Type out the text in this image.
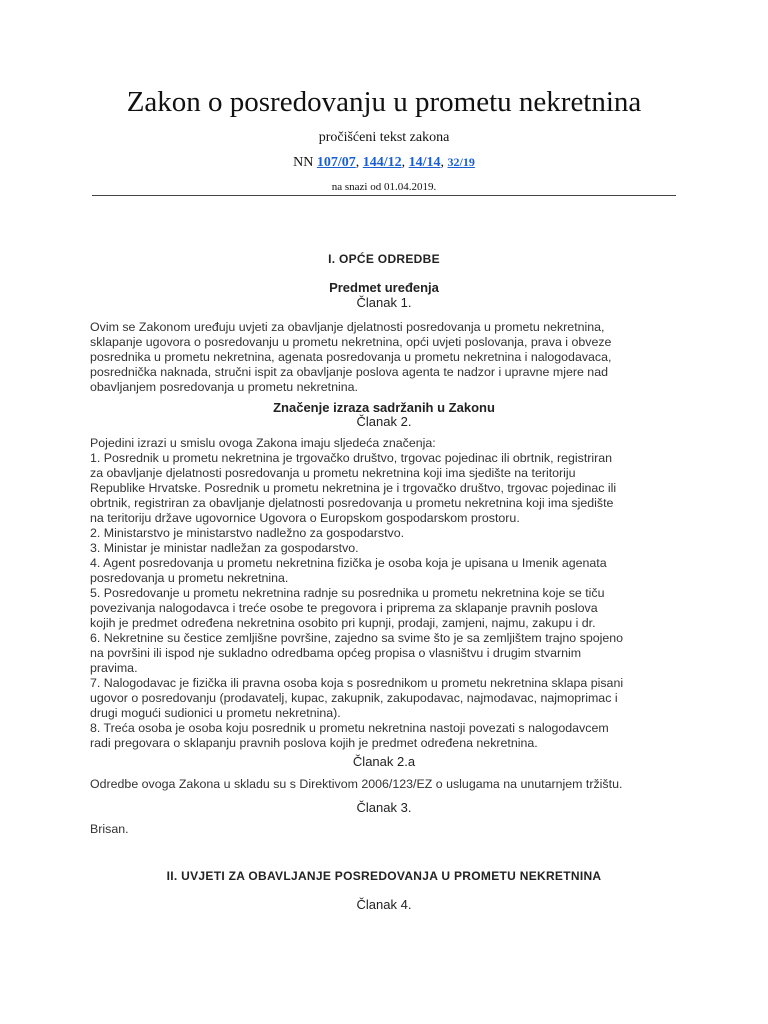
Zakon o posredovanju u prometu nekretnina
pročišćeni tekst zakona
NN 107/07, 144/12, 14/14, 32/19
na snazi od 01.04.2019.
I. OPĆE ODREDBE
Predmet uređenja
Članak 1.
Ovim se Zakonom uređuju uvjeti za obavljanje djelatnosti posredovanja u prometu nekretnina,
sklapanje ugovora o posredovanju u prometu nekretnina, opći uvjeti poslovanja, prava i obveze
posrednika u prometu nekretnina, agenata posredovanja u prometu nekretnina i nalogodavaca,
posrednička naknada, stručni ispit za obavljanje poslova agenta te nadzor i upravne mjere nad
obavljanjem posredovanja u prometu nekretnina.
Značenje izraza sadržanih u Zakonu
Članak 2.
Pojedini izrazi u smislu ovoga Zakona imaju sljedeća značenja:
1. Posrednik u prometu nekretnina je trgovačko društvo, trgovac pojedinac ili obrtnik, registriran
za obavljanje djelatnosti posredovanja u prometu nekretnina koji ima sjedište na teritoriju
Republike Hrvatske. Posrednik u prometu nekretnina je i trgovačko društvo, trgovac pojedinac ili
obrtnik, registriran za obavljanje djelatnosti posredovanja u prometu nekretnina koji ima sjedište
na teritoriju države ugovornice Ugovora o Europskom gospodarskom prostoru.
2. Ministarstvo je ministarstvo nadležno za gospodarstvo.
3. Ministar je ministar nadležan za gospodarstvo.
4. Agent posredovanja u prometu nekretnina fizička je osoba koja je upisana u Imenik agenata
posredovanja u prometu nekretnina.
5. Posredovanje u prometu nekretnina radnje su posrednika u prometu nekretnina koje se tiču
povezivanja nalogodavca i treće osobe te pregovora i priprema za sklapanje pravnih poslova
kojih je predmet određena nekretnina osobito pri kupnji, prodaji, zamjeni, najmu, zakupu i dr.
6. Nekretnine su čestice zemljišne površine, zajedno sa svime što je sa zemljištem trajno spojeno
na površini ili ispod nje sukladno odredbama općeg propisa o vlasništvu i drugim stvarnim
pravima.
7. Nalogodavac je fizička ili pravna osoba koja s posrednikom u prometu nekretnina sklapa pisani
ugovor o posredovanju (prodavatelj, kupac, zakupnik, zakupodavac, najmodavac, najmoprimac i
drugi mogući sudionici u prometu nekretnina).
8. Treća osoba je osoba koju posrednik u prometu nekretnina nastoji povezati s nalogodavcem
radi pregovara o sklapanju pravnih poslova kojih je predmet određena nekretnina.
Članak 2.a
Odredbe ovoga Zakona u skladu su s Direktivom 2006/123/EZ o uslugama na unutarnjem tržištu.
Članak 3.
Brisan.
II. UVJETI ZA OBAVLJANJE POSREDOVANJA U PROMETU NEKRETNINA
Članak 4.
